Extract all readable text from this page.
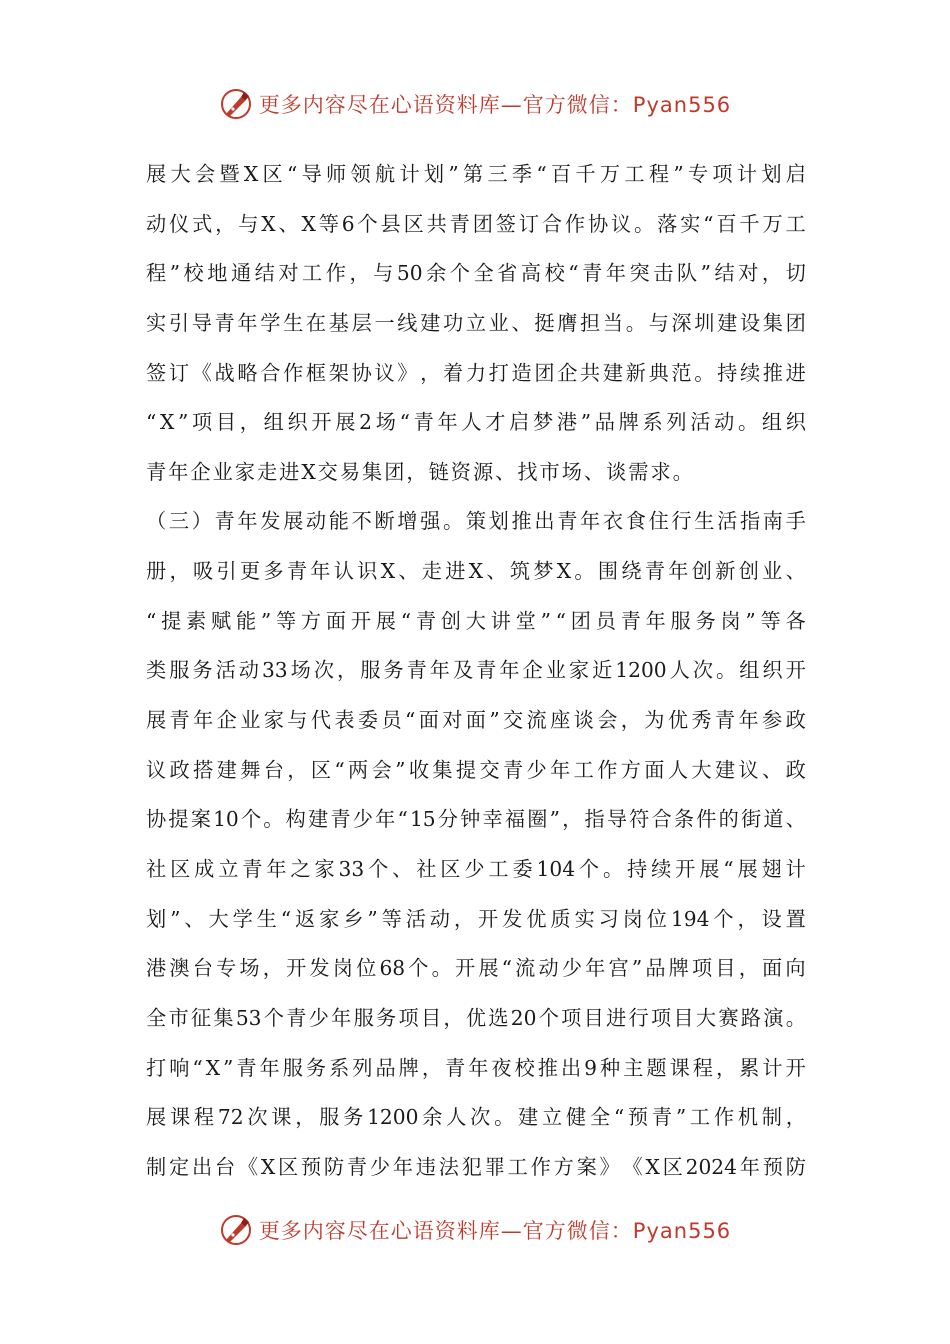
更多内容尽在心语资料库—官方微信：Pyan556
展 大 会 暨 X 区 “ 导 师 领 航 计 划 ” 第 三 季 “ 百 千 万 工 程 ” 专 项 计 划 启
动 仪 式 ， 与 X 、 X 等 6 个 县 区 共 青 团 签 订 合 作 协 议 。 落 实 “ 百 千 万 工
程 ” 校 地 通 结 对 工 作 ， 与 50 余 个 全 省 高 校 “ 青 年 突 击 队 ” 结 对 ， 切
实 引 导 青 年 学 生 在 基 层 一 线 建 功 立 业 、 挺 膺 担 当 。 与 深 圳 建 设 集 团
签 订 《 战 略 合 作 框 架 协 议 》 ， 着 力 打 造 团 企 共 建 新 典 范 。 持 续 推 进
“ X ” 项 目 ， 组 织 开 展 2 场 “ 青 年 人 才 启 梦 港 ” 品 牌 系 列 活 动 。 组 织
青年企业家走进X交易集团，链资源、找市场、谈需求。
（ 三 ） 青 年 发 展 动 能 不 断 增 强 。 策 划 推 出 青 年 衣 食 住 行 生 活 指 南 手
册 ， 吸 引 更 多 青 年 认 识 X 、 走 进 X 、 筑 梦 X 。 围 绕 青 年 创 新 创 业 、
“ 提 素 赋 能 ” 等 方 面 开 展 “ 青 创 大 讲 堂 ” “ 团 员 青 年 服 务 岗 ” 等 各
类 服 务 活 动 33 场 次 ， 服 务 青 年 及 青 年 企 业 家 近 1200 人 次 。 组 织 开
展 青 年 企 业 家 与 代 表 委 员 “ 面 对 面 ” 交 流 座 谈 会 ， 为 优 秀 青 年 参 政
议 政 搭 建 舞 台 ， 区 “ 两 会 ” 收 集 提 交 青 少 年 工 作 方 面 人 大 建 议 、 政
协 提 案 10 个 。 构 建 青 少 年 “ 15 分 钟 幸 福 圈 ” ， 指 导 符 合 条 件 的 街 道 、
社 区 成 立 青 年 之 家 33 个 、 社 区 少 工 委 104 个 。 持 续 开 展 “ 展 翅 计
划 ” 、 大 学 生 “ 返 家 乡 ” 等 活 动 ， 开 发 优 质 实 习 岗 位 194 个 ， 设 置
港 澳 台 专 场 ， 开 发 岗 位 68 个 。 开 展 “ 流 动 少 年 宫 ” 品 牌 项 目 ， 面 向
全 市 征 集 53 个 青 少 年 服 务 项 目 ， 优 选 20 个 项 目 进 行 项 目 大 赛 路 演 。
打 响 “ X ” 青 年 服 务 系 列 品 牌 ， 青 年 夜 校 推 出 9 种 主 题 课 程 ， 累 计 开
展 课 程 72 次 课 ， 服 务 1200 余 人 次 。 建 立 健 全 “ 预 青 ” 工 作 机 制 ，
制 定 出 台 《 X 区 预 防 青 少 年 违 法 犯 罪 工 作 方 案 》 《 X 区 2024 年 预 防
更多内容尽在心语资料库—官方微信：Pyan556
